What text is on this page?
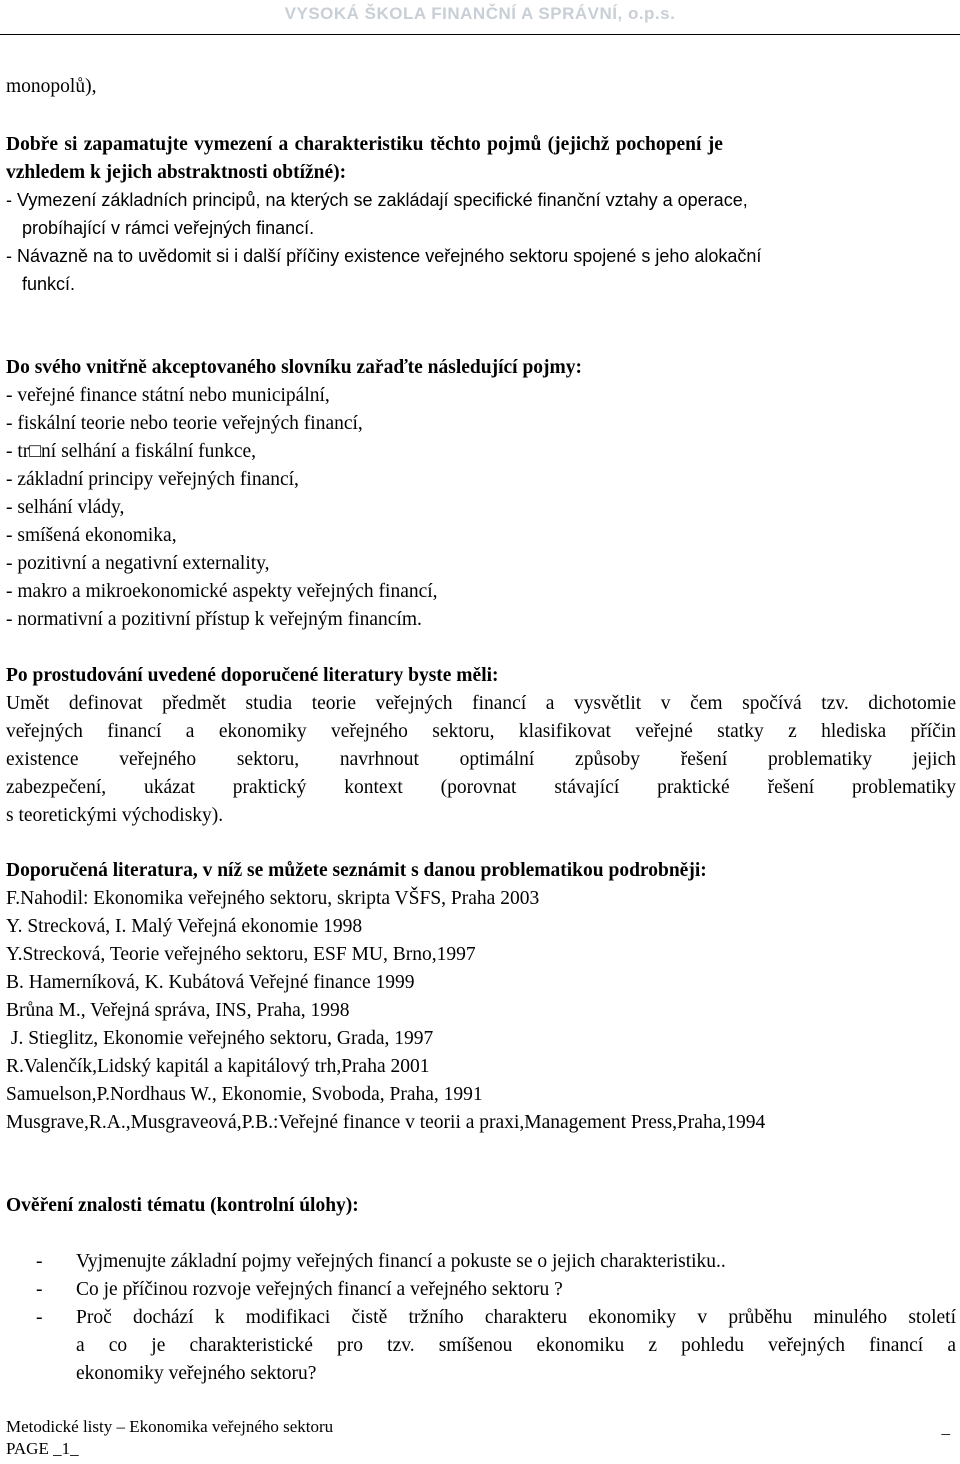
VYSOKÁ ŠKOLA FINANČNÍ A SPRÁVNÍ, o.p.s.
monopolů),
Dobře si zapamatujte vymezení a charakteristiku těchto pojmů (jejichž pochopení je
vzhledem k jejich abstraktnosti obtížné):
- Vymezení základních principů, na kterých se zakládají specifické finanční vztahy a operace,
probíhající v rámci veřejných financí.
- Návazně na to uvědomit si i další příčiny existence veřejného sektoru spojené s jeho alokační
funkcí.
Do svého vnitřně akceptovaného slovníku zařaďte následující pojmy:
- veřejné finance státní nebo municipální,
- fiskální teorie nebo teorie veřejných financí,
- tr□ní selhání a fiskální funkce,
- základní principy veřejných financí,
- selhání vlády,
- smíšená ekonomika,
- pozitivní a negativní externality,
- makro a mikroekonomické aspekty veřejných financí,
- normativní a pozitivní přístup k veřejným financím.
Po prostudování uvedené doporučené literatury byste měli:

Umět definovat předmět studia teorie veřejných financí a vysvětlit v čem spočívá tzv. dichotomie

veřejných financí a ekonomiky veřejného sektoru, klasifikovat veřejné statky z hlediska příčin

existence veřejného sektoru, navrhnout optimální způsoby řešení problematiky jejich

zabezpečení, ukázat praktický kontext (porovnat stávající praktické řešení problematiky

s teoretickými východisky).

Doporučená literatura, v níž se můžete seznámit s danou problematikou podrobněji:
F.Nahodil: Ekonomika veřejného sektoru, skripta VŠFS, Praha 2003
Y. Strecková, I. Malý Veřejná ekonomie 1998
Y.Strecková, Teorie veřejného sektoru, ESF MU, Brno,1997
B. Hamerníková, K. Kubátová Veřejné finance 1999
Brůna M., Veřejná správa, INS, Praha, 1998
J. Stieglitz, Ekonomie veřejného sektoru, Grada, 1997
R.Valenčík,Lidský kapitál a kapitálový trh,Praha 2001
Samuelson,P.Nordhaus W., Ekonomie, Svoboda, Praha, 1991
Musgrave,R.A.,Musgraveová,P.B.:Veřejné finance v teorii a praxi,Management Press,Praha,1994
Ověření znalosti tématu (kontrolní úlohy):
- Vyjmenujte základní pojmy veřejných financí a pokuste se o jejich charakteristiku..
- Co je příčinou rozvoje veřejných financí a veřejného sektoru ?
- Proč dochází k modifikaci čistě tržního charakteru ekonomiky v průběhu minulého století
a co je charakteristické pro tzv. smíšenou ekonomiku z pohledu veřejných financí a
ekonomiky veřejného sektoru?
Metodické listy – Ekonomika veřejného sektoru
PAGE _1_
_
